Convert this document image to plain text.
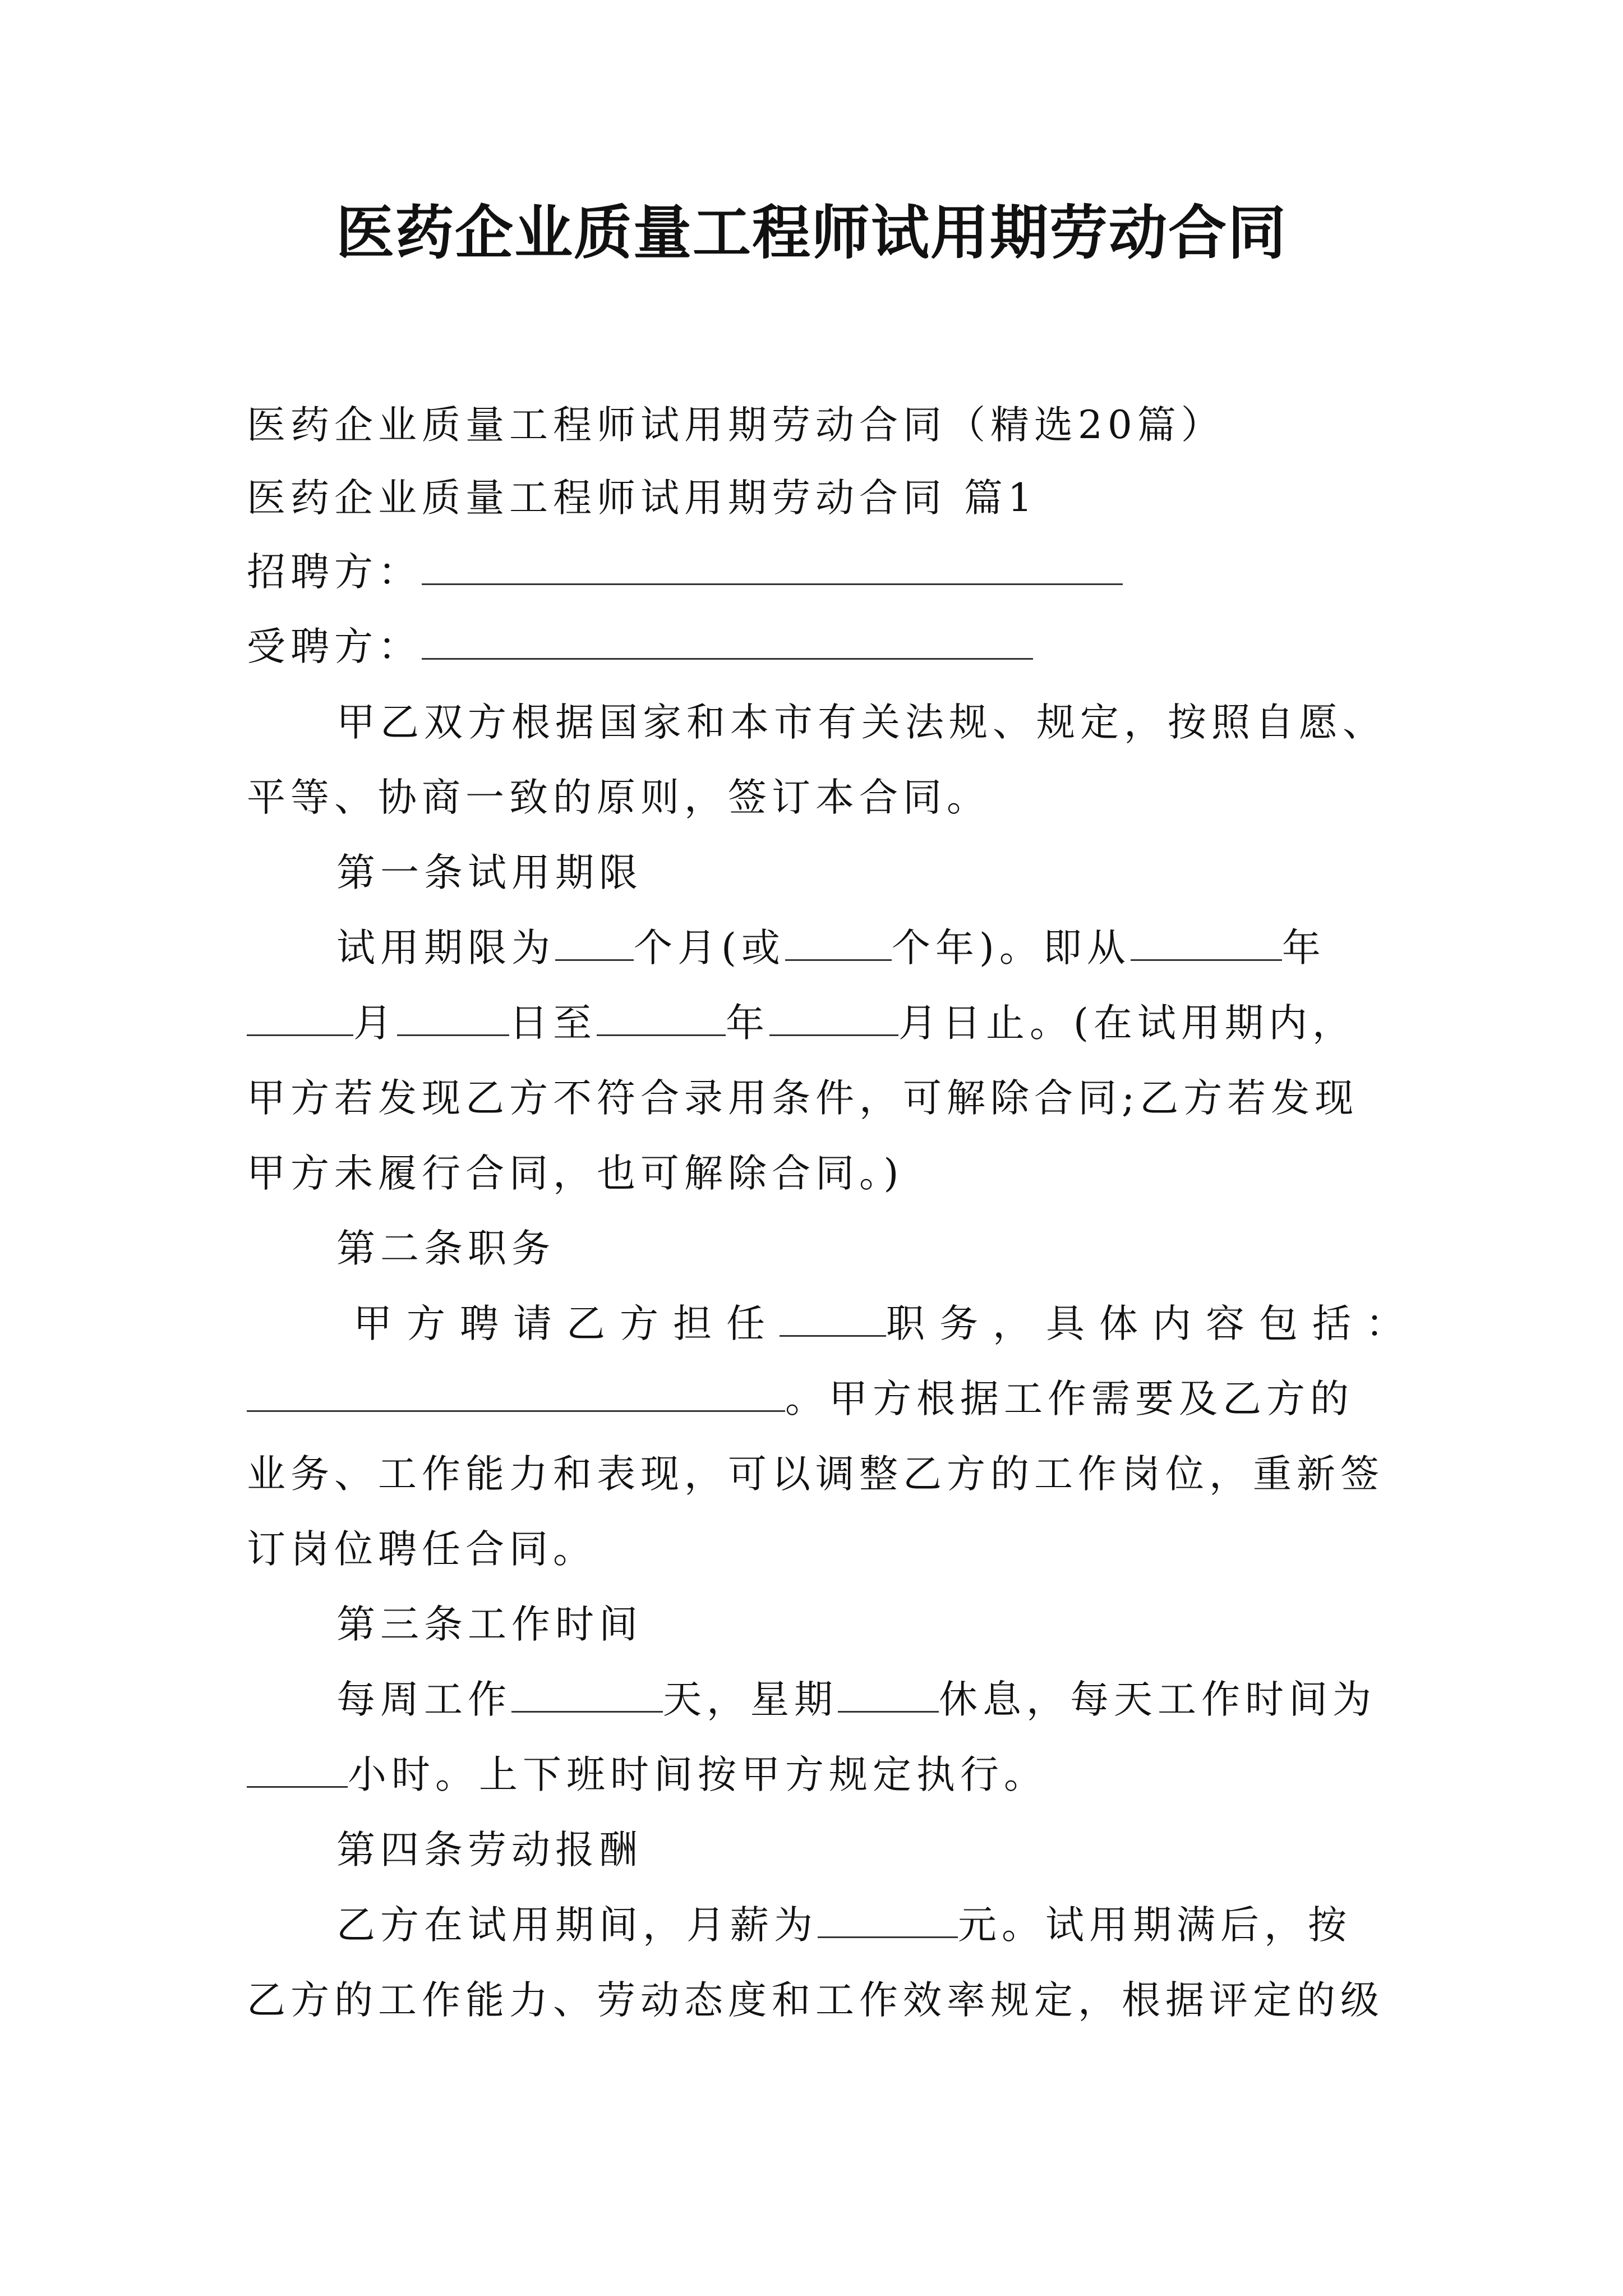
医药企业质量工程师试用期劳动合同
医药企业质量工程师试用期劳动合同（精选20篇）
医药企业质量工程师试用期劳动合同 篇1
招聘方：
受聘方：
甲乙双方根据国家和本市有关法规、规定，按照自愿、
平等、协商一致的原则，签订本合同。
第一条试用期限
试用期限为 个月(或	个年)。即从	年
月	日至	年	月日止。(在试用期内，
甲方若发现乙方不符合录用条件，可解除合同;乙方若发现
甲方未履行合同，也可解除合同。)
第二条职务
甲方聘请乙方担任	职务，具体内容包括：
。甲方根据工作需要及乙方的
业务、工作能力和表现，可以调整乙方的工作岗位，重新签
订岗位聘任合同。
第三条工作时间
每周工作	天，星期	休息，每天工作时间为
小时。上下班时间按甲方规定执行。
第四条劳动报酬
乙方在试用期间，月薪为	元。试用期满后，按
乙方的工作能力、劳动态度和工作效率规定，根据评定的级
